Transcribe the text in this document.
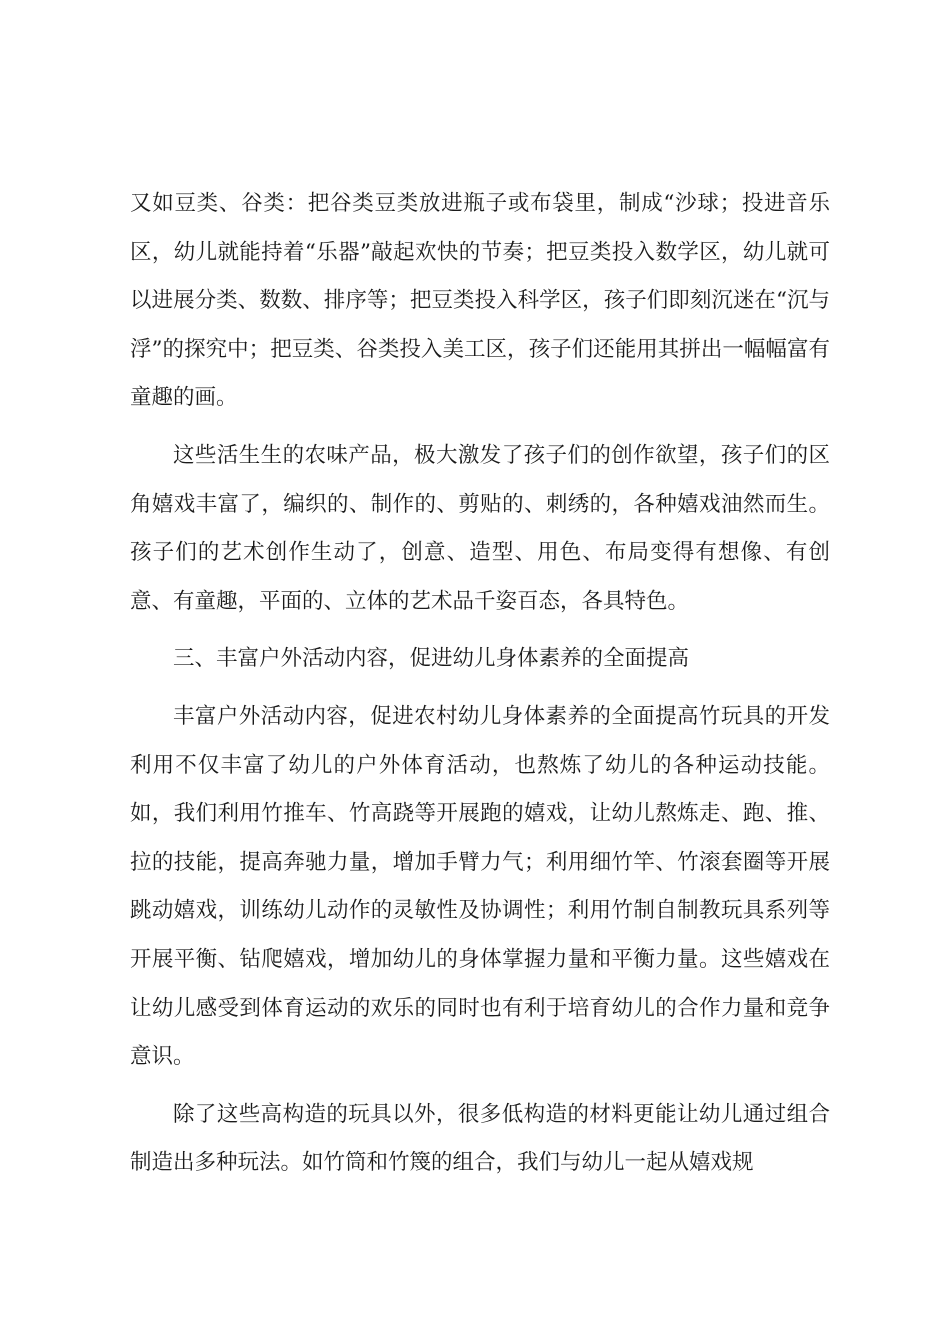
又如豆类、谷类：把谷类豆类放进瓶子或布袋里，制成“沙球；投进音乐区，幼儿就能持着“乐器”敲起欢快的节奏；把豆类投入数学区，幼儿就可以进展分类、数数、排序等；把豆类投入科学区，孩子们即刻沉迷在“沉与浮”的探究中；把豆类、谷类投入美工区，孩子们还能用其拼出一幅幅富有童趣的画。

这些活生生的农味产品，极大激发了孩子们的创作欲望，孩子们的区角嬉戏丰富了，编织的、制作的、剪贴的、刺绣的，各种嬉戏油然而生。孩子们的艺术创作生动了，创意、造型、用色、布局变得有想像、有创意、有童趣，平面的、立体的艺术品千姿百态，各具特色。

三、丰富户外活动内容，促进幼儿身体素养的全面提高

丰富户外活动内容，促进农村幼儿身体素养的全面提高竹玩具的开发利用不仅丰富了幼儿的户外体育活动，也熬炼了幼儿的各种运动技能。如，我们利用竹推车、竹高跷等开展跑的嬉戏，让幼儿熬炼走、跑、推、拉的技能，提高奔驰力量，增加手臂力气；利用细竹竿、竹滚套圈等开展跳动嬉戏，训练幼儿动作的灵敏性及协调性；利用竹制自制教玩具系列等开展平衡、钻爬嬉戏，增加幼儿的身体掌握力量和平衡力量。这些嬉戏在让幼儿感受到体育运动的欢乐的同时也有利于培育幼儿的合作力量和竞争意识。

除了这些高构造的玩具以外，很多低构造的材料更能让幼儿通过组合制造出多种玩法。如竹筒和竹篾的组合，我们与幼儿一起从嬉戏规
